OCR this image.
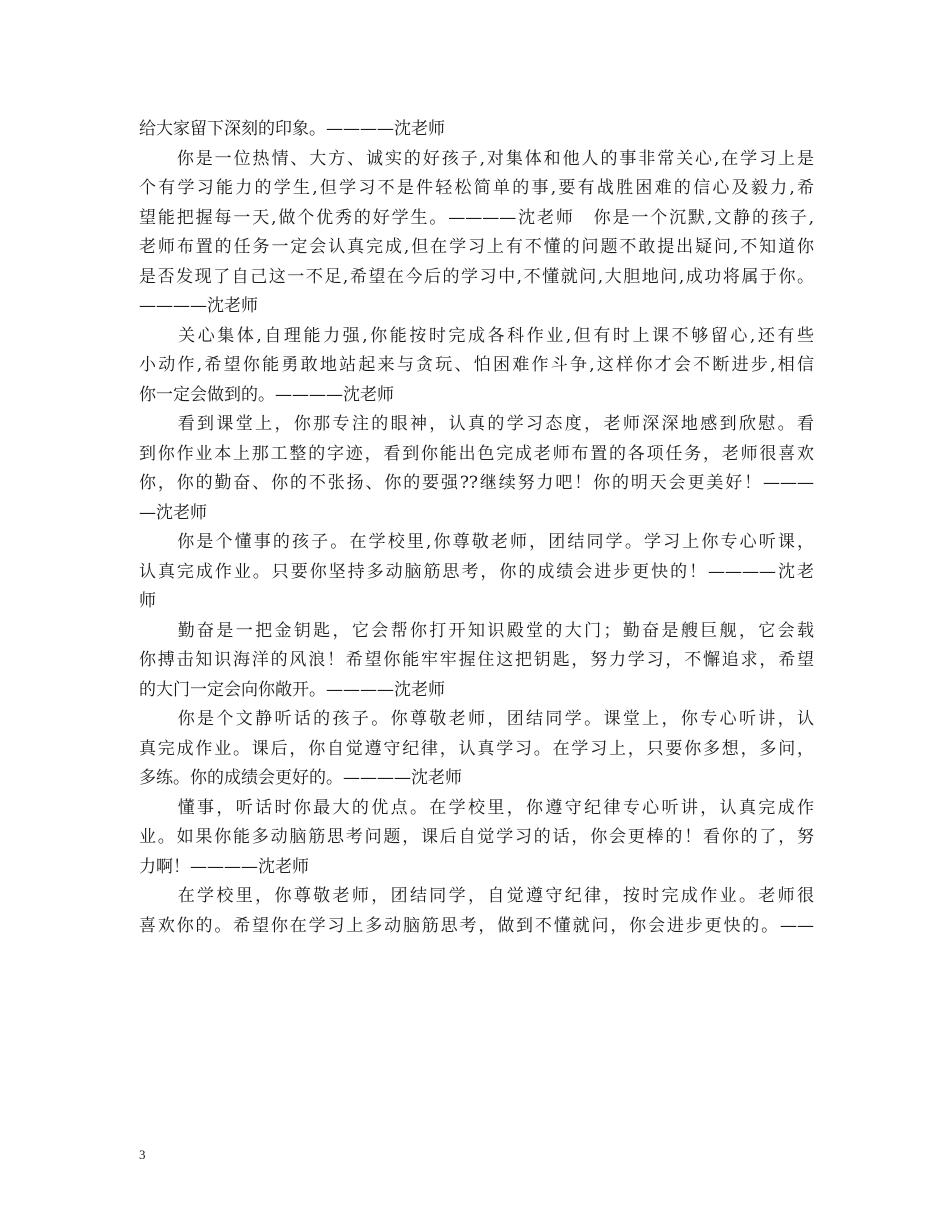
给大家留下深刻的印象。————沈老师
　　你是一位热情、大方、诚实的好孩子,对集体和他人的事非常关心,在学习上是
个有学习能力的学生,但学习不是件轻松简单的事,要有战胜困难的信心及毅力,希
望能把握每一天,做个优秀的好学生。————沈老师　你是一个沉默,文静的孩子,
老师布置的任务一定会认真完成,但在学习上有不懂的问题不敢提出疑问,不知道你
是否发现了自己这一不足,希望在今后的学习中,不懂就问,大胆地问,成功将属于你。
————沈老师
　　关心集体,自理能力强,你能按时完成各科作业,但有时上课不够留心,还有些
小动作,希望你能勇敢地站起来与贪玩、怕困难作斗争,这样你才会不断进步,相信
你一定会做到的。————沈老师
　　看到课堂上，你那专注的眼神，认真的学习态度，老师深深地感到欣慰。看
到你作业本上那工整的字迹，看到你能出色完成老师布置的各项任务，老师很喜欢
你，你的勤奋、你的不张扬、你的要强??继续努力吧！你的明天会更美好！———
—沈老师
　　你是个懂事的孩子。在学校里,你尊敬老师，团结同学。学习上你专心听课，
认真完成作业。只要你坚持多动脑筋思考，你的成绩会进步更快的！————沈老
师
　　勤奋是一把金钥匙，它会帮你打开知识殿堂的大门；勤奋是艘巨舰，它会载
你搏击知识海洋的风浪！希望你能牢牢握住这把钥匙，努力学习，不懈追求，希望
的大门一定会向你敞开。————沈老师
　　你是个文静听话的孩子。你尊敬老师，团结同学。课堂上，你专心听讲，认
真完成作业。课后，你自觉遵守纪律，认真学习。在学习上，只要你多想，多问，
多练。你的成绩会更好的。————沈老师
　　懂事，听话时你最大的优点。在学校里，你遵守纪律专心听讲，认真完成作
业。如果你能多动脑筋思考问题，课后自觉学习的话，你会更棒的！看你的了，努
力啊！————沈老师
　　在学校里，你尊敬老师，团结同学，自觉遵守纪律，按时完成作业。老师很
喜欢你的。希望你在学习上多动脑筋思考，做到不懂就问，你会进步更快的。——
3
